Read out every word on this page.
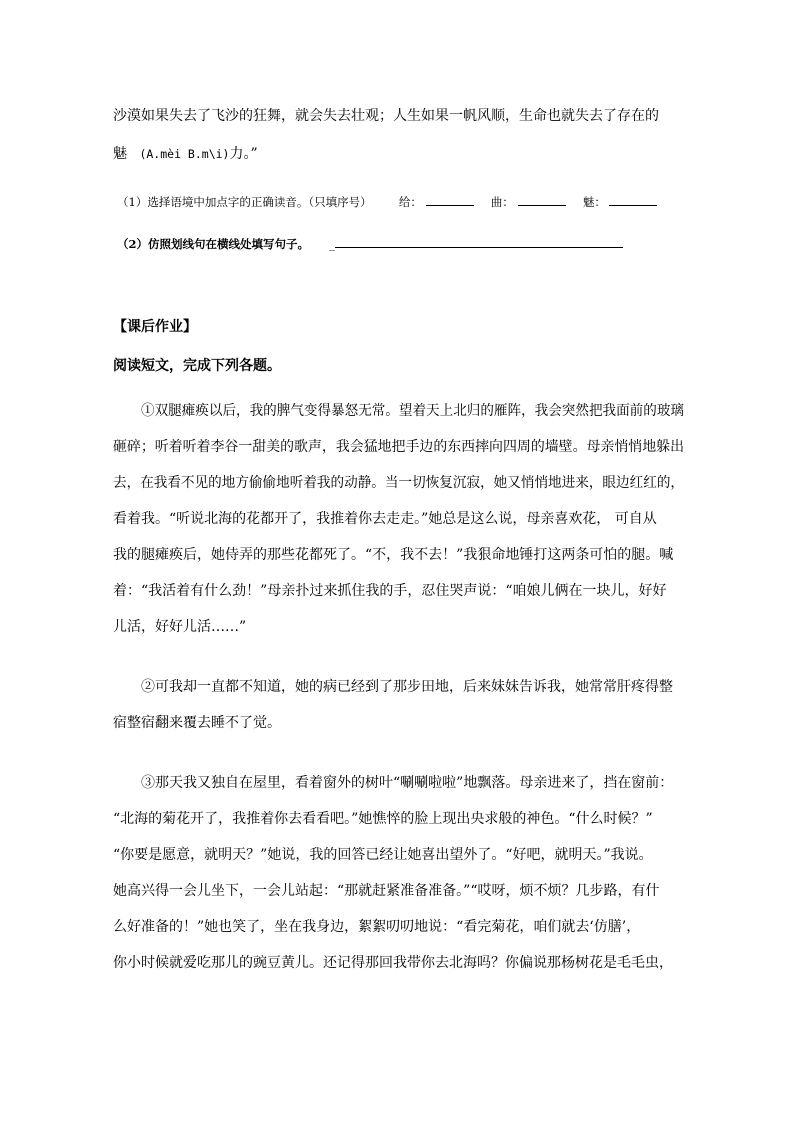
沙漠如果失去了飞沙的狂舞，就会失去壮观；人生如果一帆风顺，生命也就失去了存在的
魅 (A.mèi B.m\i)力。”
（1）选择语境中加点字的正确读音。（只填序号） 给：	曲：	魅：
（2）仿照划线句在横线处填写句子。 _
【课后作业】
阅读短文，完成下列各题。
①双腿瘫痪以后，我的脾气变得暴怒无常。望着天上北归的雁阵，我会突然把我面前的玻璃
砸碎；听着听着李谷一甜美的歌声，我会猛地把手边的东西摔向四周的墙壁。母亲悄悄地躲出
去，在我看不见的地方偷偷地听着我的动静。当一切恢复沉寂，她又悄悄地进来，眼边红红的，
看着我。“听说北海的花都开了，我推着你去走走。”她总是这么说，母亲喜欢花， 可自从
我的腿瘫痪后，她侍弄的那些花都死了。“不，我不去！”我狠命地锤打这两条可怕的腿。喊
着：“我活着有什么劲！”母亲扑过来抓住我的手，忍住哭声说：“咱娘儿俩在一块儿，好好
儿活，好好儿活……”
②可我却一直都不知道，她的病已经到了那步田地，后来妹妹告诉我，她常常肝疼得整
宿整宿翻来覆去睡不了觉。
③那天我又独自在屋里，看着窗外的树叶“唰唰啦啦”地飘落。母亲进来了，挡在窗前：
“北海的菊花开了，我推着你去看看吧。”她憔悴的脸上现出央求般的神色。“什么时候？”
“你要是愿意，就明天？”她说，我的回答已经让她喜出望外了。“好吧，就明天。”我说。
她高兴得一会儿坐下，一会儿站起：“那就赶紧准备准备。”“哎呀，烦不烦？几步路，有什
么好准备的！”她也笑了，坐在我身边，絮絮叨叨地说：“看完菊花，咱们就去‘仿膳’，
你小时候就爱吃那儿的豌豆黄儿。还记得那回我带你去北海吗？你偏说那杨树花是毛毛虫，
